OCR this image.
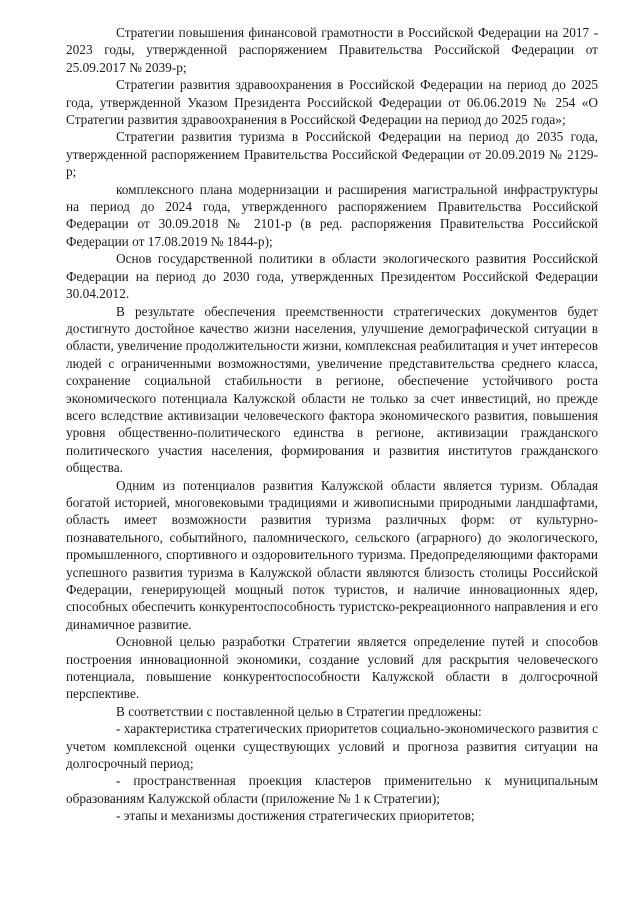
Стратегии повышения финансовой грамотности в Российской Федерации на 2017 - 2023 годы, утвержденной распоряжением Правительства Российской Федерации от 25.09.2017 № 2039-р;

Стратегии развития здравоохранения в Российской Федерации на период до 2025 года, утвержденной Указом Президента Российской Федерации от 06.06.2019 № 254 «О Стратегии развития здравоохранения в Российской Федерации на период до 2025 года»;

Стратегии развития туризма в Российской Федерации на период до 2035 года, утвержденной распоряжением Правительства Российской Федерации от 20.09.2019 № 2129-р;

комплексного плана модернизации и расширения магистральной инфраструктуры на период до 2024 года, утвержденного распоряжением Правительства Российской Федерации от 30.09.2018 № 2101-р (в ред. распоряжения Правительства Российской Федерации от 17.08.2019 № 1844-р);

Основ государственной политики в области экологического развития Российской Федерации на период до 2030 года, утвержденных Президентом Российской Федерации 30.04.2012.

В результате обеспечения преемственности стратегических документов будет достигнуто достойное качество жизни населения, улучшение демографической ситуации в области, увеличение продолжительности жизни, комплексная реабилитация и учет интересов людей с ограниченными возможностями, увеличение представительства среднего класса, сохранение социальной стабильности в регионе, обеспечение устойчивого роста экономического потенциала Калужской области не только за счет инвестиций, но прежде всего вследствие активизации человеческого фактора экономического развития, повышения уровня общественно-политического единства в регионе, активизации гражданского политического участия населения, формирования и развития институтов гражданского общества.

Одним из потенциалов развития Калужской области является туризм. Обладая богатой историей, многовековыми традициями и живописными природными ландшафтами, область имеет возможности развития туризма различных форм: от культурно-познавательного, событийного, паломнического, сельского (аграрного) до экологического, промышленного, спортивного и оздоровительного туризма. Предопределяющими факторами успешного развития туризма в Калужской области являются близость столицы Российской Федерации, генерирующей мощный поток туристов, и наличие инновационных ядер, способных обеспечить конкурентоспособность туристско-рекреационного направления и его динамичное развитие.

Основной целью разработки Стратегии является определение путей и способов построения инновационной экономики, создание условий для раскрытия человеческого потенциала, повышение конкурентоспособности Калужской области в долгосрочной перспективе.

В соответствии с поставленной целью в Стратегии предложены:

- характеристика стратегических приоритетов социально-экономического развития с учетом комплексной оценки существующих условий и прогноза развития ситуации на долгосрочный период;

- пространственная проекция кластеров применительно к муниципальным образованиям Калужской области (приложение № 1 к Стратегии);

- этапы и механизмы достижения стратегических приоритетов;
